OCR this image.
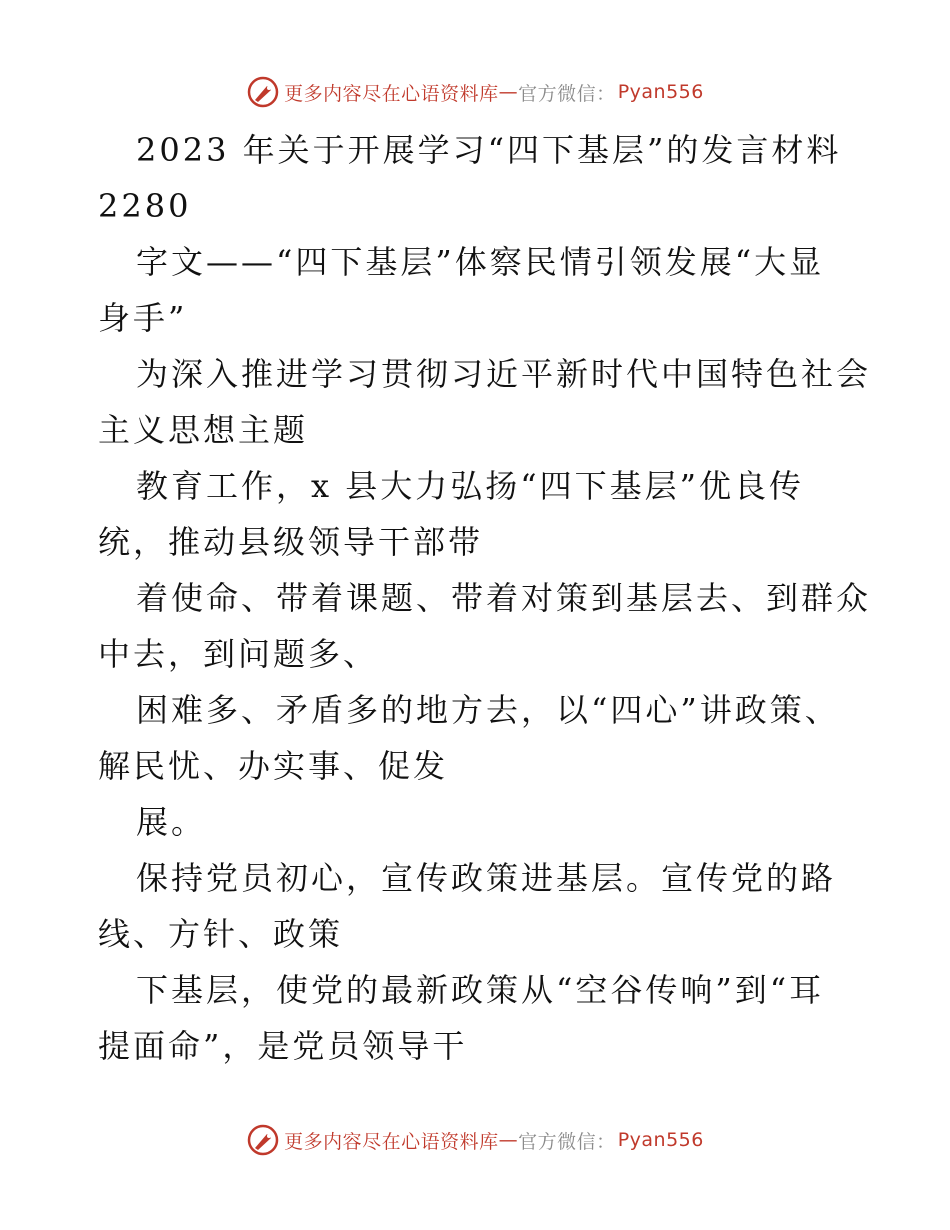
更多内容尽在心语资料库 — 官方微信： Pyan556
2023 年关于开展学习“四下基层”的发言材料
2280
字文——“四下基层”体察民情引领发展“大显
身手”
为深入推进学习贯彻习近平新时代中国特色社会
主义思想主题
教育工作，x 县大力弘扬“四下基层”优良传
统，推动县级领导干部带
着使命、带着课题、带着对策到基层去、到群众
中去，到问题多、
困难多、矛盾多的地方去，以“四心”讲政策、
解民忧、办实事、促发
展。
保持党员初心，宣传政策进基层。宣传党的路
线、方针、政策
下基层，使党的最新政策从“空谷传响”到“耳
提面命”，是党员领导干
更多内容尽在心语资料库 — 官方微信： Pyan556
